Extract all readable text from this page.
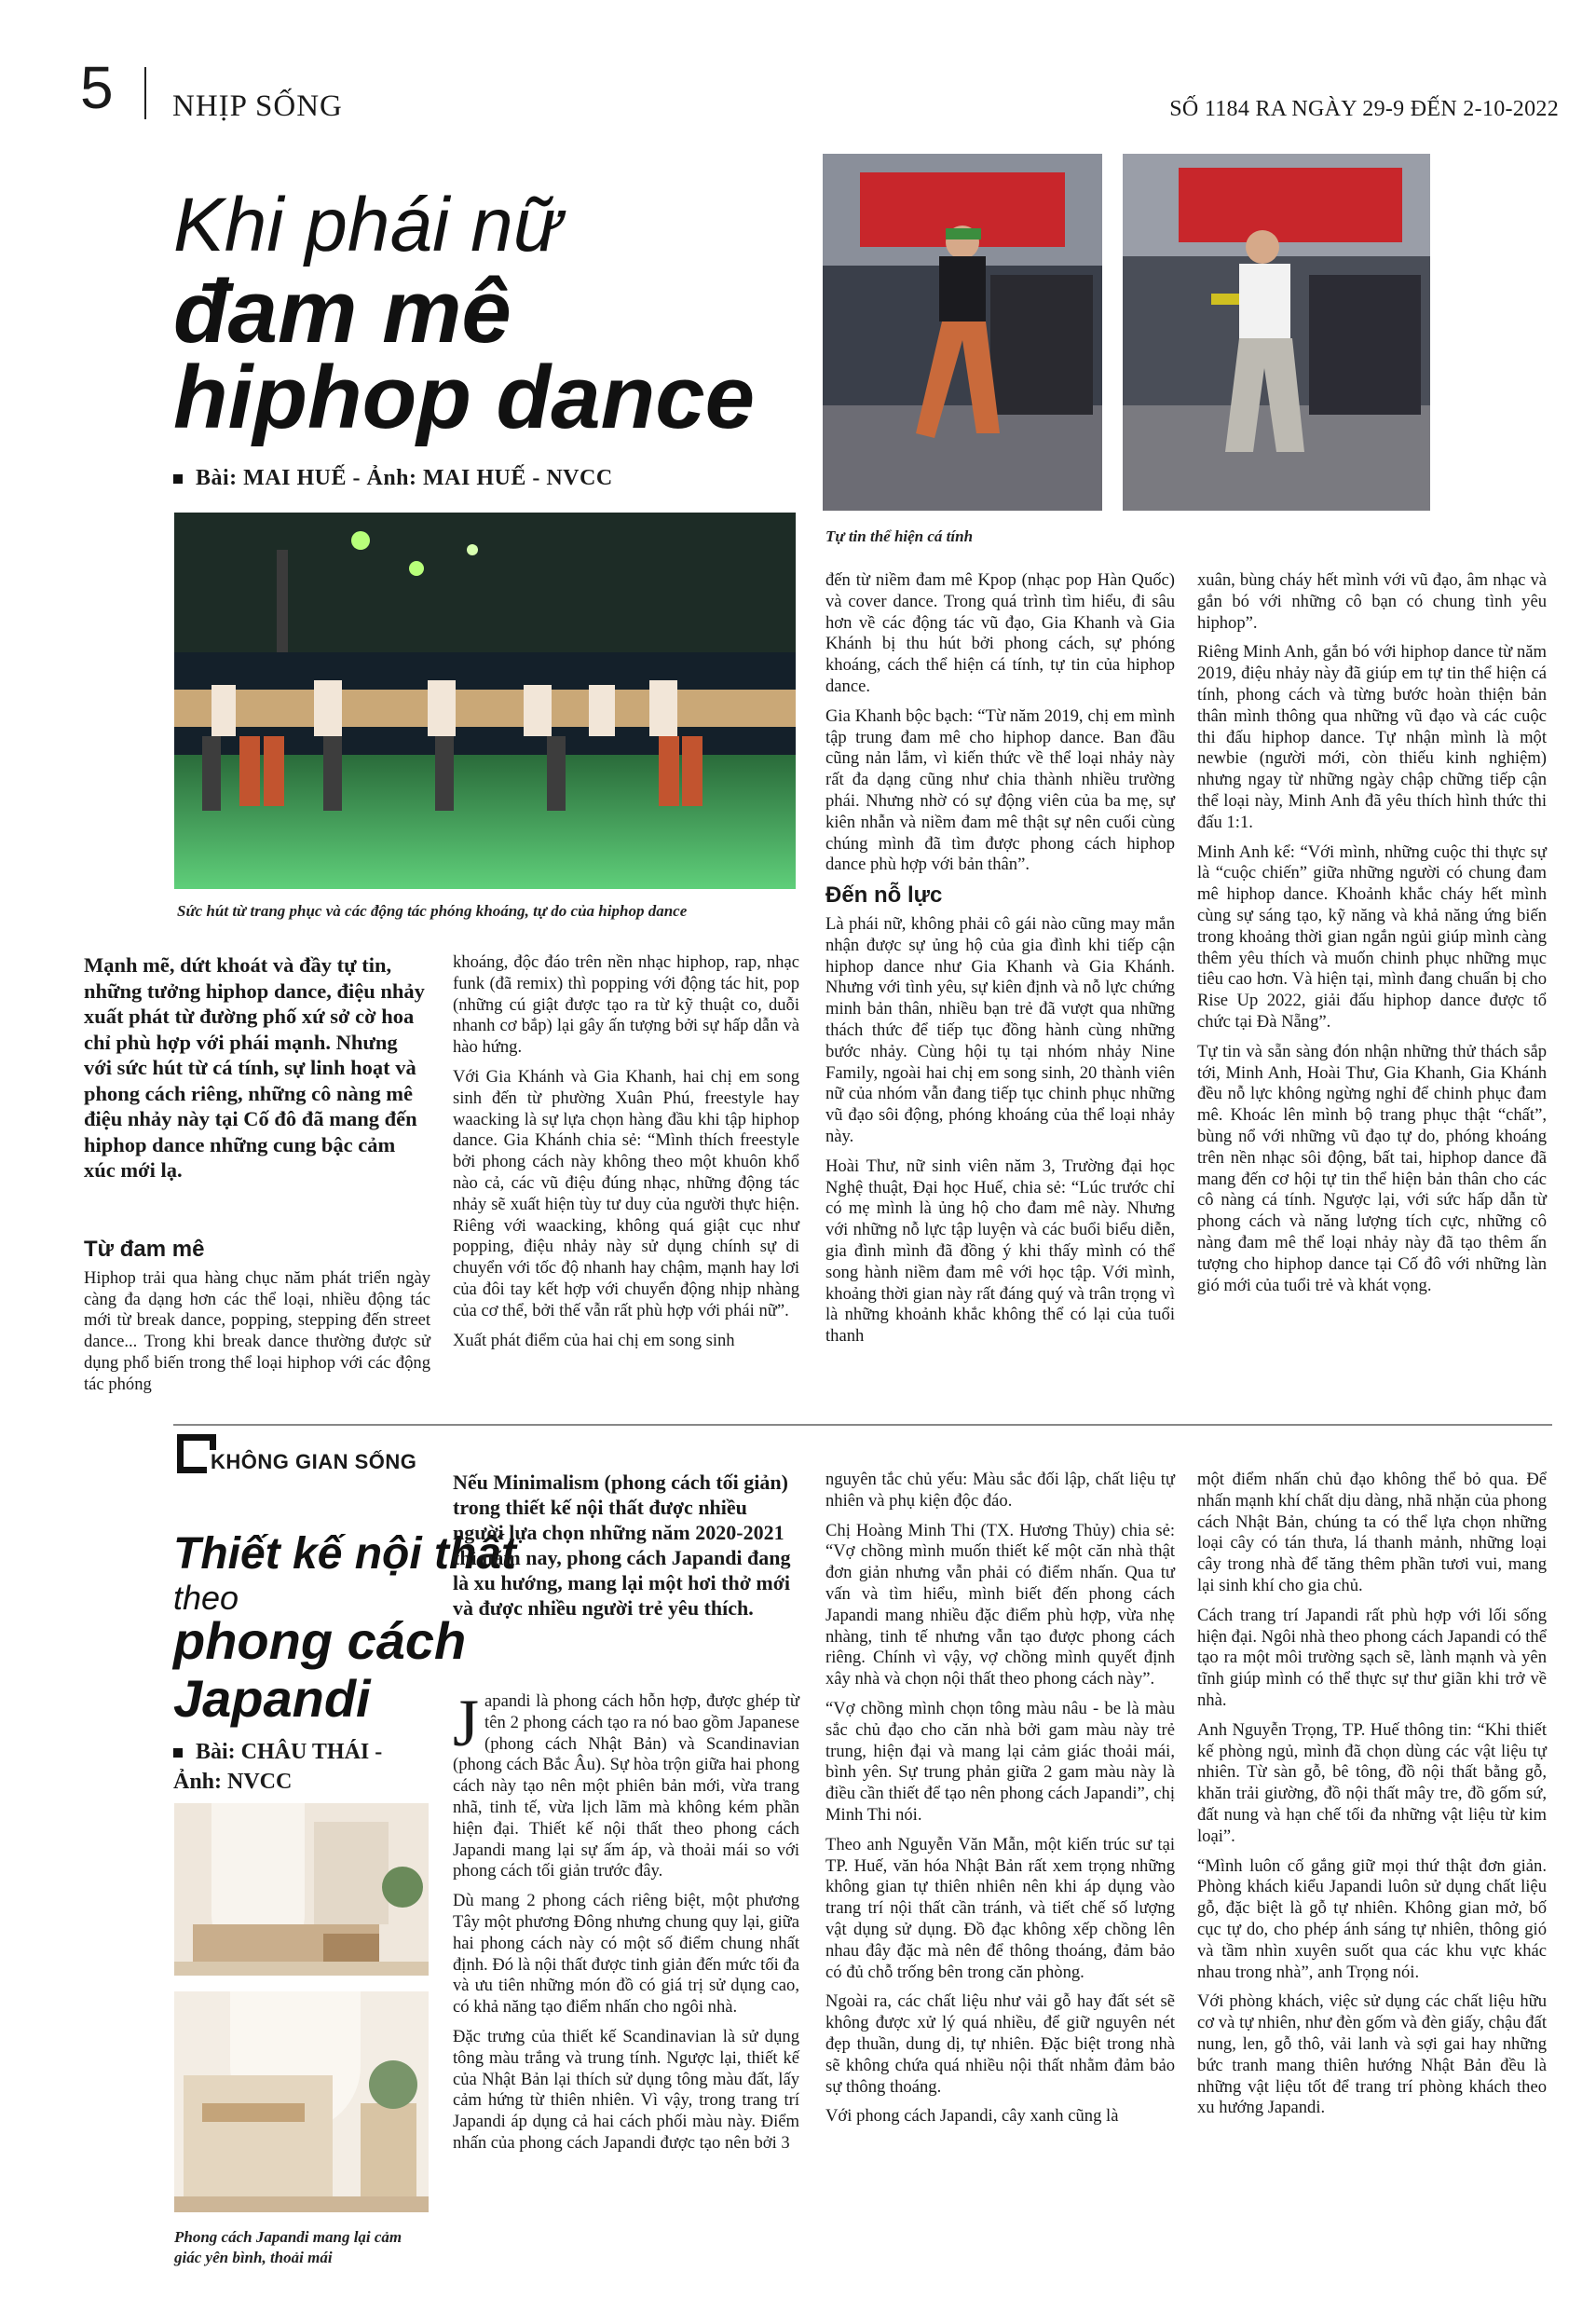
5 NHỊP SỐNG	SỐ 1184 RA NGÀY 29-9 ĐẾN 2-10-2022
Khi phái nữ
đam mê
hiphop dance
Bài: MAI HUẾ - Ảnh: MAI HUẾ - NVCC
Tự tin thể hiện cá tính
Sức hút từ trang phục và các động tác phóng khoáng, tự do của hiphop dance
Mạnh mẽ, dứt khoát và đầy tự tin, những tưởng hiphop dance, điệu nhảy xuất phát từ đường phố xứ sở cờ hoa chỉ phù hợp với phái mạnh. Nhưng với sức hút từ cá tính, sự linh hoạt và phong cách riêng, những cô nàng mê điệu nhảy này tại Cố đô đã mang đến hiphop dance những cung bậc cảm xúc mới lạ.
Từ đam mê

Hiphop trải qua hàng chục năm phát triển ngày càng đa dạng hơn các thể loại, nhiều động tác mới từ break dance, popping, stepping đến street dance... Trong khi break dance thường được sử dụng phổ biến trong thể loại hiphop với các động tác phóng

khoáng, độc đáo trên nền nhạc hiphop, rap, nhạc funk (đã remix) thì popping với động tác hit, pop (những cú giật được tạo ra từ kỹ thuật co, duỗi nhanh cơ bắp) lại gây ấn tượng bởi sự hấp dẫn và hào hứng.

Với Gia Khánh và Gia Khanh, hai chị em song sinh đến từ phường Xuân Phú, freestyle hay waacking là sự lựa chọn hàng đầu khi tập hiphop dance. Gia Khánh chia sẻ: “Mình thích freestyle bởi phong cách này không theo một khuôn khổ nào cả, các vũ điệu đúng nhạc, những động tác nhảy sẽ xuất hiện tùy tư duy của người thực hiện. Riêng với waacking, không quá giật cục như popping, điệu nhảy này sử dụng chính sự di chuyển với tốc độ nhanh hay chậm, mạnh hay lơi của đôi tay kết hợp với chuyển động nhịp nhàng của cơ thể, bởi thế vẫn rất phù hợp với phái nữ”.

Xuất phát điểm của hai chị em song sinh

đến từ niềm đam mê Kpop (nhạc pop Hàn Quốc) và cover dance. Trong quá trình tìm hiểu, đi sâu hơn về các động tác vũ đạo, Gia Khanh và Gia Khánh bị thu hút bởi phong cách, sự phóng khoáng, cách thể hiện cá tính, tự tin của hiphop dance.

Gia Khanh bộc bạch: “Từ năm 2019, chị em mình tập trung đam mê cho hiphop dance. Ban đầu cũng nản lắm, vì kiến thức về thể loại nhảy này rất đa dạng cũng như chia thành nhiều trường phái. Nhưng nhờ có sự động viên của ba mẹ, sự kiên nhẫn và niềm đam mê thật sự nên cuối cùng chúng mình đã tìm được phong cách hiphop dance phù hợp với bản thân”.

Đến nỗ lực

Là phái nữ, không phải cô gái nào cũng may mắn nhận được sự ủng hộ của gia đình khi tiếp cận hiphop dance như Gia Khanh và Gia Khánh. Nhưng với tình yêu, sự kiên định và nỗ lực chứng minh bản thân, nhiều bạn trẻ đã vượt qua những thách thức để tiếp tục đồng hành cùng những bước nhảy. Cùng hội tụ tại nhóm nhảy Nine Family, ngoài hai chị em song sinh, 20 thành viên nữ của nhóm vẫn đang tiếp tục chinh phục những vũ đạo sôi động, phóng khoáng của thể loại nhảy này.

Hoài Thư, nữ sinh viên năm 3, Trường đại học Nghệ thuật, Đại học Huế, chia sẻ: “Lúc trước chỉ có mẹ mình là ủng hộ cho đam mê này. Nhưng với những nỗ lực tập luyện và các buổi biểu diễn, gia đình mình đã đồng ý khi thấy mình có thể song hành niềm đam mê với học tập. Với mình, khoảng thời gian này rất đáng quý và trân trọng vì là những khoảnh khắc không thể có lại của tuổi thanh

xuân, bùng cháy hết mình với vũ đạo, âm nhạc và gắn bó với những cô bạn có chung tình yêu hiphop”.

Riêng Minh Anh, gắn bó với hiphop dance từ năm 2019, điệu nhảy này đã giúp em tự tin thể hiện cá tính, phong cách và từng bước hoàn thiện bản thân mình thông qua những vũ đạo và các cuộc thi đấu hiphop dance. Tự nhận mình là một newbie (người mới, còn thiếu kinh nghiệm) nhưng ngay từ những ngày chập chững tiếp cận thể loại này, Minh Anh đã yêu thích hình thức thi đấu 1:1.

Minh Anh kể: “Với mình, những cuộc thi thực sự là “cuộc chiến” giữa những người có chung đam mê hiphop dance. Khoảnh khắc cháy hết mình cùng sự sáng tạo, kỹ năng và khả năng ứng biến trong khoảng thời gian ngắn ngủi giúp mình càng thêm yêu thích và muốn chinh phục những mục tiêu cao hơn. Và hiện tại, mình đang chuẩn bị cho Rise Up 2022, giải đấu hiphop dance được tổ chức tại Đà Nẵng”.

Tự tin và sẵn sàng đón nhận những thử thách sắp tới, Minh Anh, Hoài Thư, Gia Khanh, Gia Khánh đều nỗ lực không ngừng nghỉ để chinh phục đam mê. Khoác lên mình bộ trang phục thật “chất”, bùng nổ với những vũ đạo tự do, phóng khoáng trên nền nhạc sôi động, bất tai, hiphop dance đã mang đến cơ hội tự tin thể hiện bản thân cho các cô nàng cá tính. Ngược lại, với sức hấp dẫn từ phong cách và năng lượng tích cực, những cô nàng đam mê thể loại nhảy này đã tạo thêm ấn tượng cho hiphop dance tại Cố đô với những làn gió mới của tuổi trẻ và khát vọng.

KHÔNG GIAN SỐNG
Thiết kế nội thất
theo
phong cách
Japandi
Bài: CHÂU THÁI - Ảnh: NVCC
Phong cách Japandi mang lại cảm giác yên bình, thoải mái
Nếu Minimalism (phong cách tối giản) trong thiết kế nội thất được nhiều người lựa chọn những năm 2020-2021 thì năm nay, phong cách Japandi đang là xu hướng, mang lại một hơi thở mới và được nhiều người trẻ yêu thích.

Japandi là phong cách hỗn hợp, được ghép từ tên 2 phong cách tạo ra nó bao gồm Japanese (phong cách Nhật Bản) và Scandinavian (phong cách Bắc Âu). Sự hòa trộn giữa hai phong cách này tạo nên một phiên bản mới, vừa trang nhã, tinh tế, vừa lịch lãm mà không kém phần hiện đại. Thiết kế nội thất theo phong cách Japandi mang lại sự ấm áp, và thoải mái so với phong cách tối giản trước đây.

Dù mang 2 phong cách riêng biệt, một phương Tây một phương Đông nhưng chung quy lại, giữa hai phong cách này có một số điểm chung nhất định. Đó là nội thất được tinh giản đến mức tối đa và ưu tiên những món đồ có giá trị sử dụng cao, có khả năng tạo điểm nhấn cho ngôi nhà.

Đặc trưng của thiết kế Scandinavian là sử dụng tông màu trắng và trung tính. Ngược lại, thiết kế của Nhật Bản lại thích sử dụng tông màu đất, lấy cảm hứng từ thiên nhiên. Vì vậy, trong trang trí Japandi áp dụng cả hai cách phối màu này. Điểm nhấn của phong cách Japandi được tạo nên bởi 3

nguyên tắc chủ yếu: Màu sắc đối lập, chất liệu tự nhiên và phụ kiện độc đáo.

Chị Hoàng Minh Thi (TX. Hương Thủy) chia sẻ: “Vợ chồng mình muốn thiết kế một căn nhà thật đơn giản nhưng vẫn phải có điểm nhấn. Qua tư vấn và tìm hiểu, mình biết đến phong cách Japandi mang nhiều đặc điểm phù hợp, vừa nhẹ nhàng, tinh tế nhưng vẫn tạo được phong cách riêng. Chính vì vậy, vợ chồng mình quyết định xây nhà và chọn nội thất theo phong cách này”.

“Vợ chồng mình chọn tông màu nâu - be là màu sắc chủ đạo cho căn nhà bởi gam màu này trẻ trung, hiện đại và mang lại cảm giác thoải mái, bình yên. Sự trung phản giữa 2 gam màu này là điều cần thiết để tạo nên phong cách Japandi”, chị Minh Thi nói.

Theo anh Nguyễn Văn Mẫn, một kiến trúc sư tại TP. Huế, văn hóa Nhật Bản rất xem trọng những không gian tự thiên nhiên nên khi áp dụng vào trang trí nội thất cần tránh, và tiết chế số lượng vật dụng sử dụng. Đồ đạc không xếp chồng lên nhau đây đặc mà nên để thông thoáng, đảm bảo có đủ chỗ trống bên trong căn phòng.

Ngoài ra, các chất liệu như vải gỗ hay đất sét sẽ không được xử lý quá nhiều, để giữ nguyên nét đẹp thuần, dung dị, tự nhiên. Đặc biệt trong nhà sẽ không chứa quá nhiều nội thất nhằm đảm bảo sự thông thoáng.

Với phong cách Japandi, cây xanh cũng là

một điểm nhấn chủ đạo không thể bỏ qua. Để nhấn mạnh khí chất dịu dàng, nhã nhặn của phong cách Nhật Bản, chúng ta có thể lựa chọn những loại cây có tán thưa, lá thanh mảnh, những loại cây trong nhà để tăng thêm phần tươi vui, mang lại sinh khí cho gia chủ.

Cách trang trí Japandi rất phù hợp với lối sống hiện đại. Ngôi nhà theo phong cách Japandi có thể tạo ra một môi trường sạch sẽ, lành mạnh và yên tĩnh giúp mình có thể thực sự thư giãn khi trở về nhà.

Anh Nguyễn Trọng, TP. Huế thông tin: “Khi thiết kế phòng ngủ, mình đã chọn dùng các vật liệu tự nhiên. Từ sàn gỗ, bê tông, đồ nội thất bằng gỗ, khăn trải giường, đồ nội thất mây tre, đồ gốm sứ, đất nung và hạn chế tối đa những vật liệu từ kim loại”.

“Mình luôn cố gắng giữ mọi thứ thật đơn giản. Phòng khách kiểu Japandi luôn sử dụng chất liệu gỗ, đặc biệt là gỗ tự nhiên. Không gian mở, bố cục tự do, cho phép ánh sáng tự nhiên, thông gió và tầm nhìn xuyên suốt qua các khu vực khác nhau trong nhà”, anh Trọng nói.

Với phòng khách, việc sử dụng các chất liệu hữu cơ và tự nhiên, như đèn gốm và đèn giấy, chậu đất nung, len, gỗ thô, vải lanh và sợi gai hay những bức tranh mang thiên hướng Nhật Bản đều là những vật liệu tốt để trang trí phòng khách theo xu hướng Japandi.
